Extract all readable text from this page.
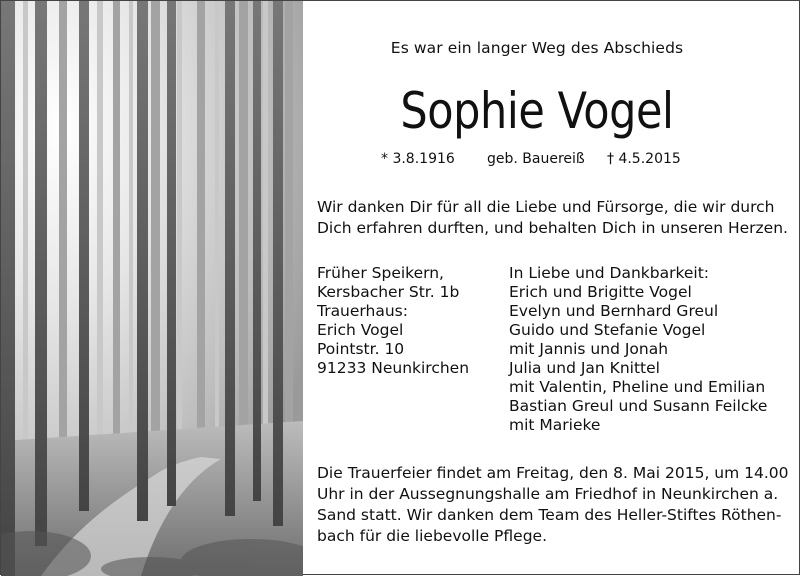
Es war ein langer Weg des Abschieds
Sophie Vogel
* 3.8.1916 geb. Bauereiß † 4.5.2015
Wir danken Dir für all die Liebe und Fürsorge, die wir durch
Dich erfahren durften, und behalten Dich in unseren Herzen.
Früher Speikern,
Kersbacher Str. 1b
Trauerhaus:
Erich Vogel
Pointstr. 10
91233 Neunkirchen
In Liebe und Dankbarkeit:
Erich und Brigitte Vogel
Evelyn und Bernhard Greul
Guido und Stefanie Vogel
mit Jannis und Jonah
Julia und Jan Knittel
mit Valentin, Pheline und Emilian
Bastian Greul und Susann Feilcke
mit Marieke
Die Trauerfeier findet am Freitag, den 8. Mai 2015, um 14.00
Uhr in der Aussegnungshalle am Friedhof in Neunkirchen a.
Sand statt. Wir danken dem Team des Heller-Stiftes Röthen-
bach für die liebevolle Pflege.
